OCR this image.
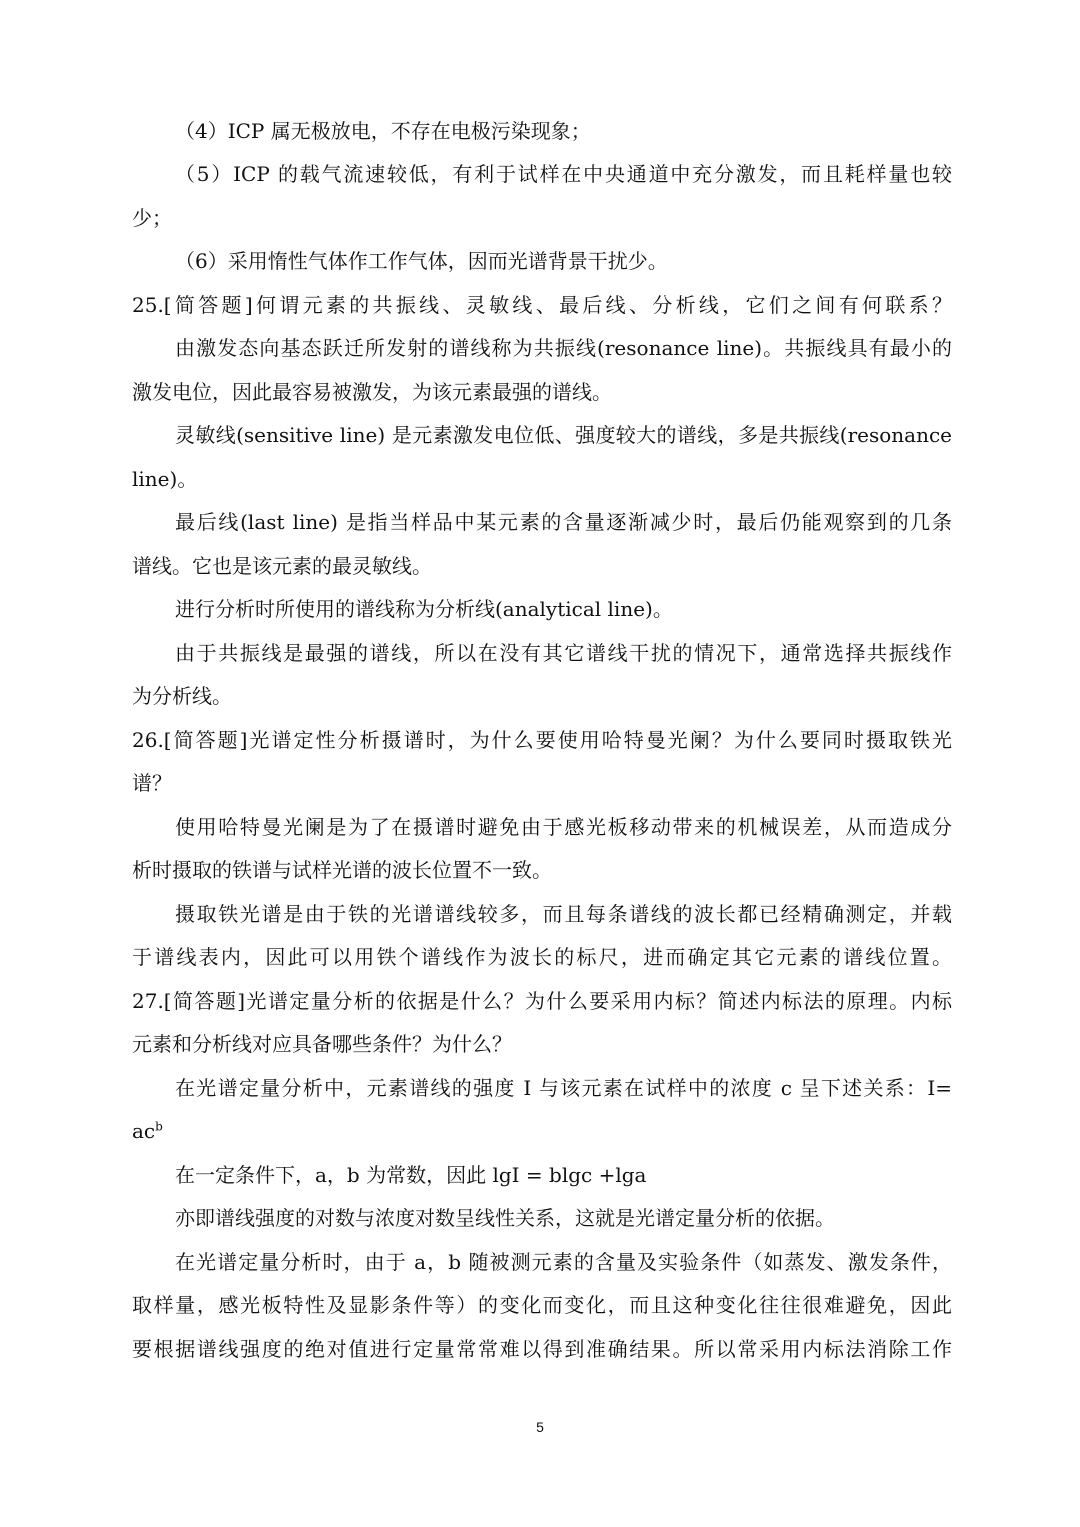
（4）ICP 属无极放电，不存在电极污染现象；
（5）ICP 的载气流速较低，有利于试样在中央通道中充分激发，而且耗样量也较
少；
（6）采用惰性气体作工作气体，因而光谱背景干扰少。
25.[简答题]何谓元素的共振线、灵敏线、最后线、分析线，它们之间有何联系？
由激发态向基态跃迁所发射的谱线称为共振线(resonance line)。共振线具有最小的
激发电位，因此最容易被激发，为该元素最强的谱线。
灵敏线(sensitive line) 是元素激发电位低、强度较大的谱线，多是共振线(resonance
line)。
最后线(last line) 是指当样品中某元素的含量逐渐减少时，最后仍能观察到的几条
谱线。它也是该元素的最灵敏线。
进行分析时所使用的谱线称为分析线(analytical line)。
由于共振线是最强的谱线，所以在没有其它谱线干扰的情况下，通常选择共振线作
为分析线。
26.[简答题]光谱定性分析摄谱时，为什么要使用哈特曼光阑？为什么要同时摄取铁光
谱？
使用哈特曼光阑是为了在摄谱时避免由于感光板移动带来的机械误差，从而造成分
析时摄取的铁谱与试样光谱的波长位置不一致。
摄取铁光谱是由于铁的光谱谱线较多，而且每条谱线的波长都已经精确测定，并载
于谱线表内，因此可以用铁个谱线作为波长的标尺，进而确定其它元素的谱线位置。
27.[简答题]光谱定量分析的依据是什么？为什么要采用内标？简述内标法的原理。内标
元素和分析线对应具备哪些条件？为什么？
在光谱定量分析中，元素谱线的强度 I 与该元素在试样中的浓度 c 呈下述关系：I=
$ac^b$
在一定条件下，a，b 为常数，因此 lgI = blgc +lga
亦即谱线强度的对数与浓度对数呈线性关系，这就是光谱定量分析的依据。
在光谱定量分析时，由于 a，b 随被测元素的含量及实验条件（如蒸发、激发条件，
取样量，感光板特性及显影条件等）的变化而变化，而且这种变化往往很难避免，因此
要根据谱线强度的绝对值进行定量常常难以得到准确结果。所以常采用内标法消除工作
5
